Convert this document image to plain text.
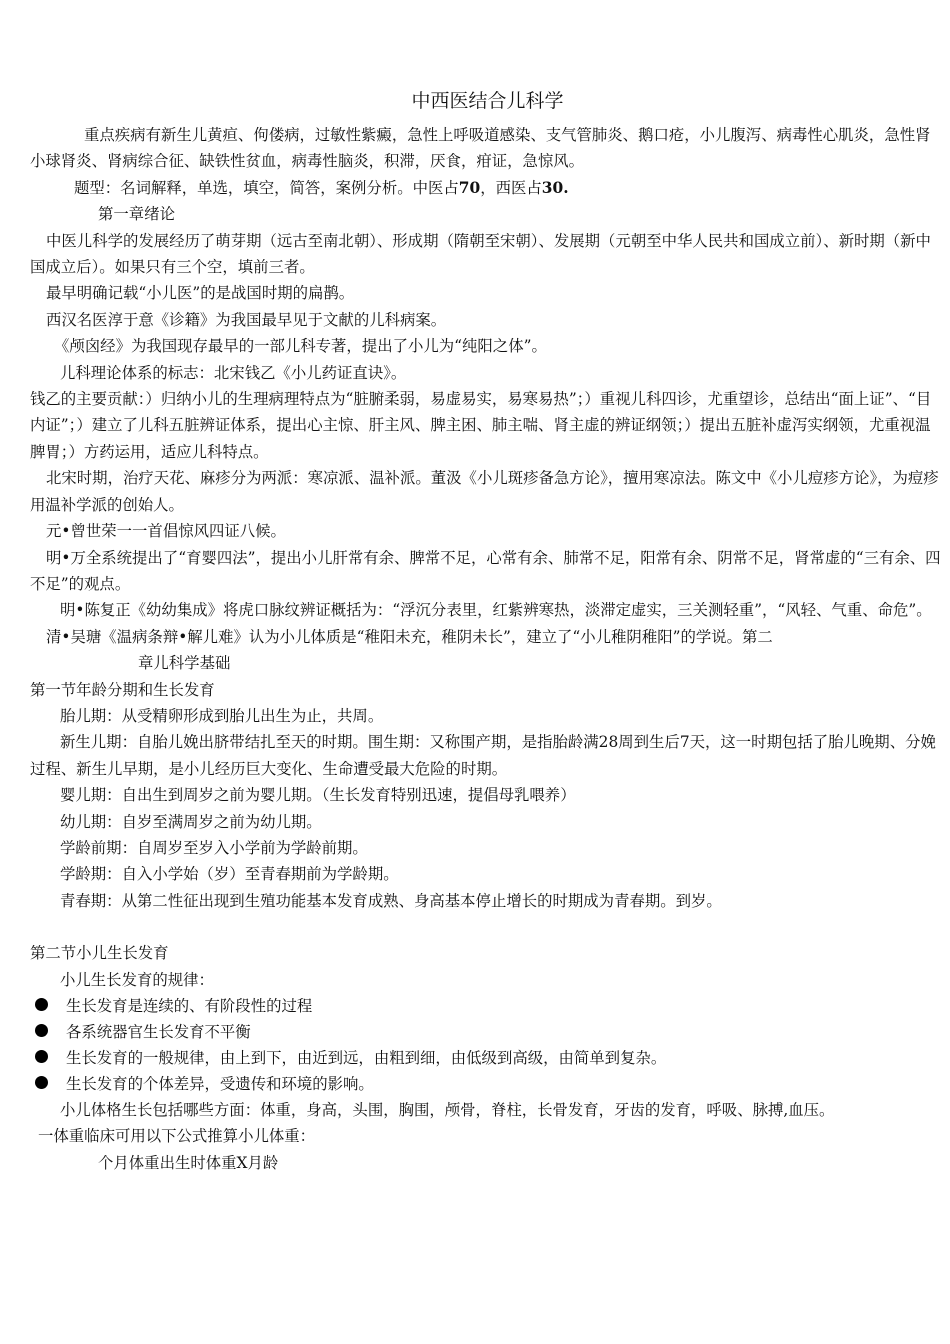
中西医结合儿科学

重点疾病有新生儿黄疸、佝偻病，过敏性紫癜，急性上呼吸道感染、支气管肺炎、鹅口疮，小儿腹泻、病毒性心肌炎，急性肾小球肾炎、肾病综合征、缺铁性贫血，病毒性脑炎，积滞，厌食，疳证，急惊风。

题型：名词解释，单选，填空，简答，案例分析。中医占70，西医占30.

第一章绪论

中医儿科学的发展经历了萌芽期（远古至南北朝）、形成期（隋朝至宋朝）、发展期（元朝至中华人民共和国成立前）、新时期（新中国成立后）。如果只有三个空，填前三者。

最早明确记载“小儿医”的是战国时期的扁鹊。

西汉名医淳于意《诊籍》为我国最早见于文献的儿科病案。

《颅囟经》为我国现存最早的一部儿科专著，提出了小儿为“纯阳之体”。

儿科理论体系的标志：北宋钱乙《小儿药证直诀》。

钱乙的主要贡献：）归纳小儿的生理病理特点为“脏腑柔弱，易虚易实，易寒易热”；）重视儿科四诊，尤重望诊，总结出“面上证”、“目内证”；）建立了儿科五脏辨证体系，提出心主惊、肝主风、脾主困、肺主喘、肾主虚的辨证纲领；）提出五脏补虚泻实纲领，尤重视温脾胃；）方药运用，适应儿科特点。

北宋时期，治疗天花、麻疹分为两派：寒凉派、温补派。董汲《小儿斑疹备急方论》，擅用寒凉法。陈文中《小儿痘疹方论》，为痘疹用温补学派的创始人。

元•曾世荣一一首倡惊风四证八候。

明•万全系统提出了“育婴四法”，提出小儿肝常有余、脾常不足，心常有余、肺常不足，阳常有余、阴常不足，肾常虚的“三有余、四不足”的观点。

明•陈复正《幼幼集成》将虎口脉纹辨证概括为：“浮沉分表里，红紫辨寒热，淡滞定虚实，三关测轻重”，“风轻、气重、命危”。

清•吴瑭《温病条辩•解儿难》认为小儿体质是“稚阳未充，稚阴未长”，建立了“小儿稚阴稚阳”的学说。第二

章儿科学基础

第一节年龄分期和生长发育

胎儿期：从受精卵形成到胎儿出生为止，共周。

新生儿期：自胎儿娩出脐带结扎至天的时期。围生期：又称围产期，是指胎龄满28周到生后7天，这一时期包括了胎儿晚期、分娩过程、新生儿早期，是小儿经历巨大变化、生命遭受最大危险的时期。

婴儿期：自出生到周岁之前为婴儿期。（生长发育特别迅速，提倡母乳喂养）

幼儿期：自岁至满周岁之前为幼儿期。

学龄前期：自周岁至岁入小学前为学龄前期。

学龄期：自入小学始（岁）至青春期前为学龄期。

青春期：从第二性征出现到生殖功能基本发育成熟、身高基本停止增长的时期成为青春期。到岁。

第二节小儿生长发育

小儿生长发育的规律：

生长发育是连续的、有阶段性的过程
各系统器官生长发育不平衡
生长发育的一般规律，由上到下，由近到远，由粗到细，由低级到高级，由简单到复杂。
生长发育的个体差异，受遗传和环境的影响。

小儿体格生长包括哪些方面：体重，身高，头围，胸围，颅骨，脊柱，长骨发育，牙齿的发育，呼吸、脉搏,血压。

一体重临床可用以下公式推算小儿体重：

个月体重出生时体重X月龄
